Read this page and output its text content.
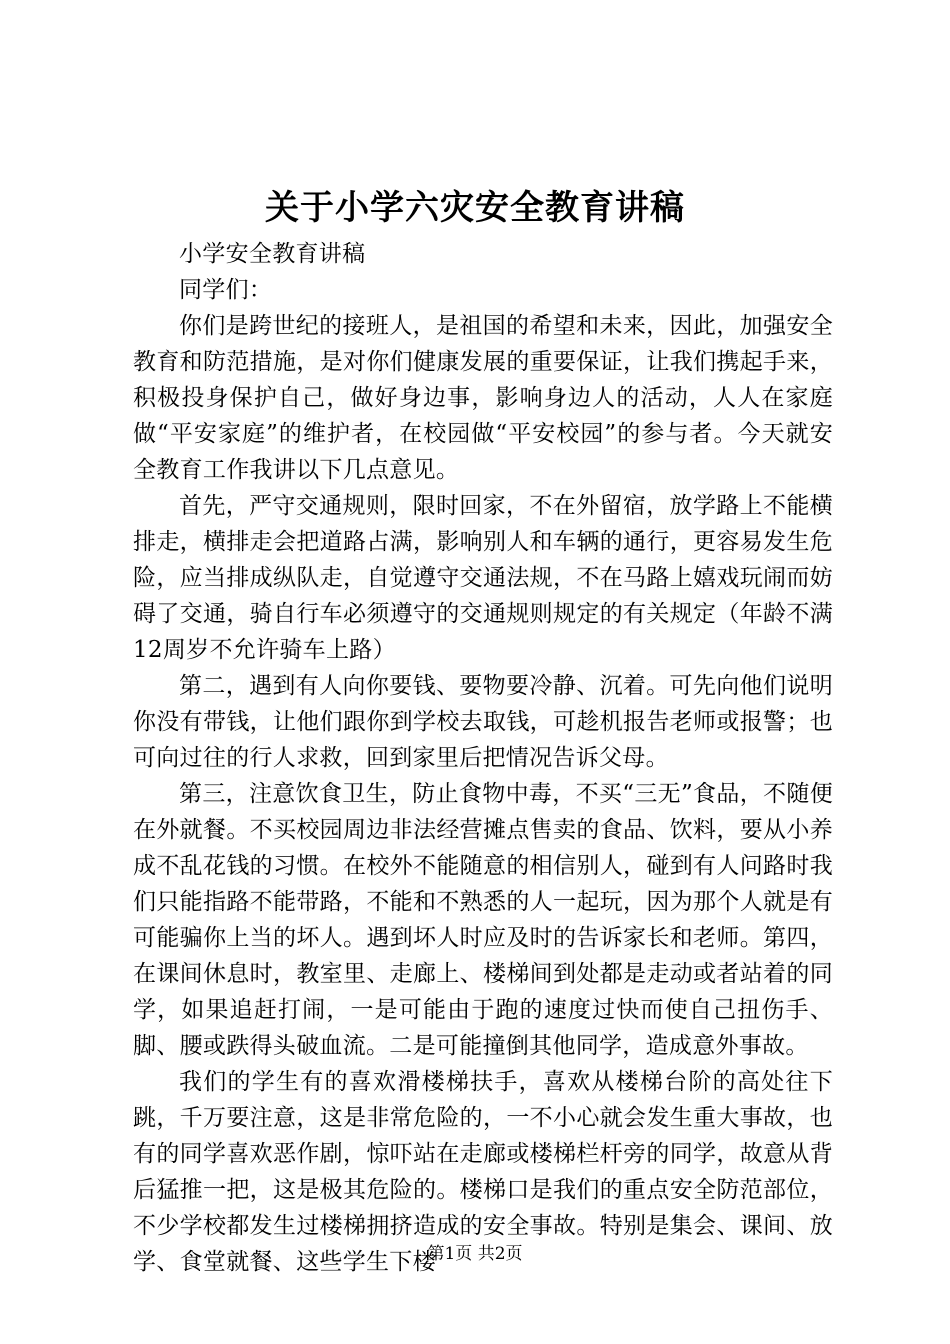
关于小学六灾安全教育讲稿

小学安全教育讲稿

同学们：

你们是跨世纪的接班人，是祖国的希望和未来，因此，加强安全教育和防范措施，是对你们健康发展的重要保证，让我们携起手来，积极投身保护自己，做好身边事，影响身边人的活动，人人在家庭做“平安家庭”的维护者，在校园做“平安校园”的参与者。今天就安全教育工作我讲以下几点意见。

首先，严守交通规则，限时回家，不在外留宿，放学路上不能横排走，横排走会把道路占满，影响别人和车辆的通行，更容易发生危险，应当排成纵队走，自觉遵守交通法规，不在马路上嬉戏玩闹而妨碍了交通，骑自行车必须遵守的交通规则规定的有关规定（年龄不满12周岁不允许骑车上路）

第二，遇到有人向你要钱、要物要冷静、沉着。可先向他们说明你没有带钱，让他们跟你到学校去取钱，可趁机报告老师或报警；也可向过往的行人求救，回到家里后把情况告诉父母。

第三，注意饮食卫生，防止食物中毒，不买“三无”食品，不随便在外就餐。不买校园周边非法经营摊点售卖的食品、饮料，要从小养成不乱花钱的习惯。在校外不能随意的相信别人，碰到有人问路时我们只能指路不能带路，不能和不熟悉的人一起玩，因为那个人就是有可能骗你上当的坏人。遇到坏人时应及时的告诉家长和老师。第四，在课间休息时，教室里、走廊上、楼梯间到处都是走动或者站着的同学，如果追赶打闹，一是可能由于跑的速度过快而使自己扭伤手、脚、腰或跌得头破血流。二是可能撞倒其他同学，造成意外事故。

我们的学生有的喜欢滑楼梯扶手，喜欢从楼梯台阶的高处往下跳，千万要注意，这是非常危险的，一不小心就会发生重大事故，也有的同学喜欢恶作剧，惊吓站在走廊或楼梯栏杆旁的同学，故意从背后猛推一把，这是极其危险的。楼梯口是我们的重点安全防范部位，不少学校都发生过楼梯拥挤造成的安全事故。特别是集会、课间、放学、食堂就餐、这些学生下楼

第1页 共2页
